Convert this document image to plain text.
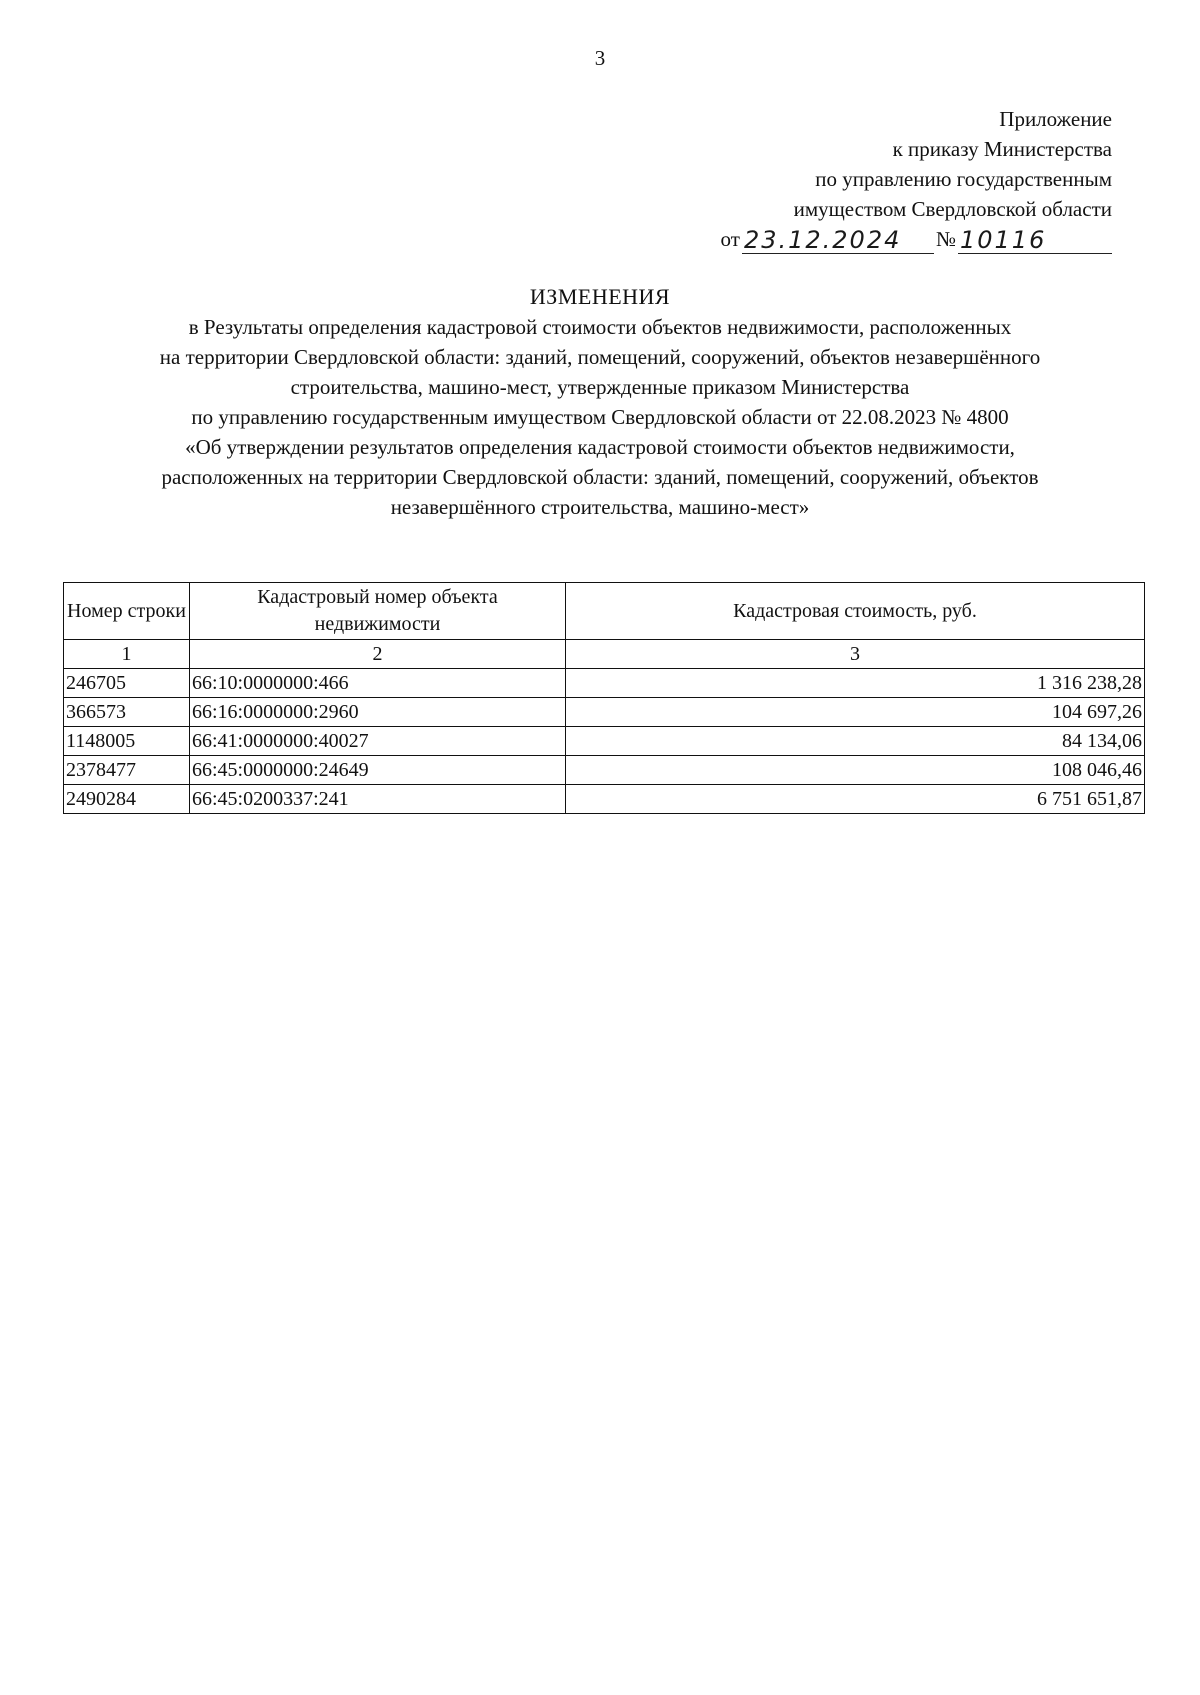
3
Приложение
к приказу Министерства
по управлению государственным
имуществом Свердловской области
от 23.12.2024	№ 10116
ИЗМЕНЕНИЯ
в Результаты определения кадастровой стоимости объектов недвижимости, расположенных
на территории Свердловской области: зданий, помещений, сооружений, объектов незавершённого
строительства, машино-мест, утвержденные приказом Министерства
по управлению государственным имуществом Свердловской области от 22.08.2023 № 4800
«Об утверждении результатов определения кадастровой стоимости объектов недвижимости,
расположенных на территории Свердловской области: зданий, помещений, сооружений, объектов
незавершённого строительства, машино-мест»
Номер строки	Кадастровый номер объекта недвижимости	Кадастровая стоимость, руб.
1	2	3
246705	66:10:0000000:466	1 316 238,28
366573	66:16:0000000:2960	104 697,26
1148005	66:41:0000000:40027	84 134,06
2378477	66:45:0000000:24649	108 046,46
2490284	66:45:0200337:241	6 751 651,87
